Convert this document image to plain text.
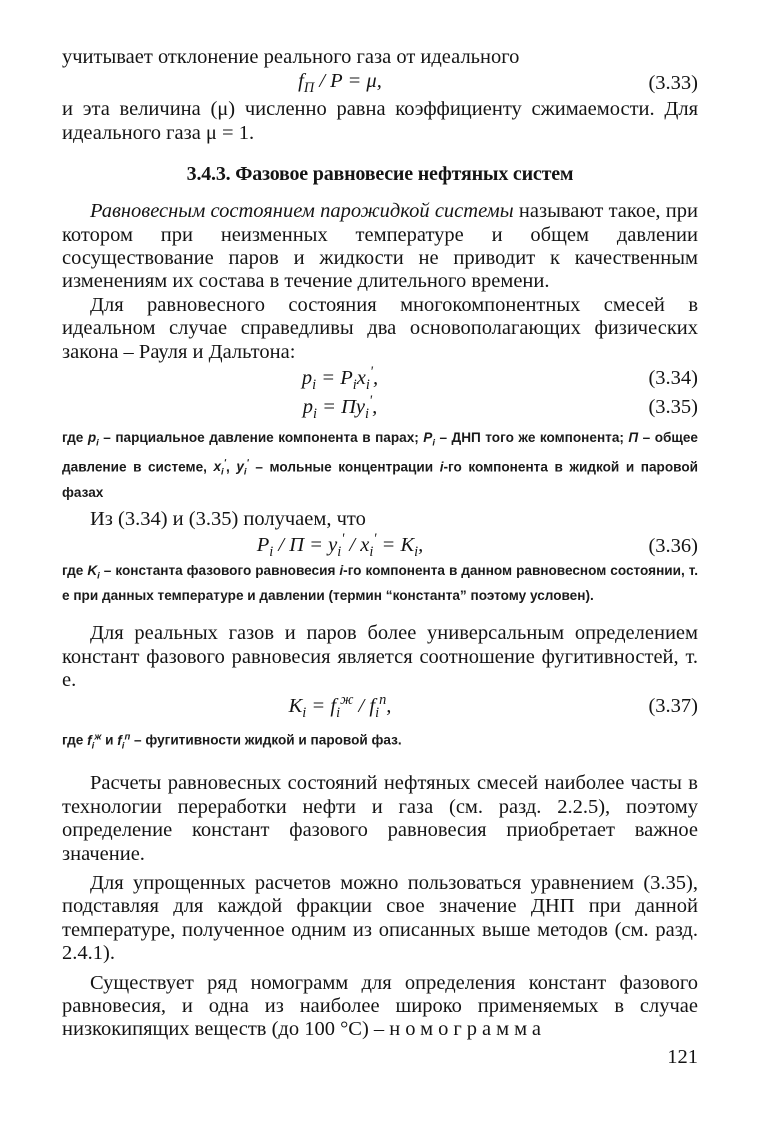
учитывает отклонение реального газа от идеального

$f_П / P = \mu$,	(3.33)

и эта величина (μ) численно равна коэффициенту сжимаемости. Для идеального газа μ = 1.

3.4.3. Фазовое равновесие нефтяных систем

Равновесным состоянием парожидкой системы называют такое, при котором при неизменных температуре и общем давлении сосуществование паров и жидкости не приводит к качественным изменениям их состава в течение длительного времени.

Для равновесного состояния многокомпонентных смесей в идеальном случае справедливы два основополагающих физических закона – Рауля и Дальтона:

$p_i = P_ix_i^ʹ$,	(3.34)
$p_i = Пy_i^ʹ$,	(3.35)

где $p_i$ – парциальное давление компонента в парах; $P_i$ – ДНП того же компонента; П – общее давление в системе, $x_i^ʹ$, $y_i^ʹ$ – мольные концентрации i-го компонента в жидкой и паровой фазах

Из (3.34) и (3.35) получаем, что

$P_i / П = y_i^ʹ / x_i^ʹ = K_i$,	(3.36)

где $K_i$ – константа фазового равновесия i-го компонента в данном равновесном состоянии, т. е при данных температуре и давлении (термин “константа” поэтому условен).

Для реальных газов и паров более универсальным определением констант фазового равновесия является соотношение фугитивностей, т. е.

$K_i = f_i^ж / f_i^п$,	(3.37)

где $f_i^ж$ и $f_i^п$ – фугитивности жидкой и паровой фаз.

Расчеты равновесных состояний нефтяных смесей наиболее часты в технологии переработки нефти и газа (см. разд. 2.2.5), поэтому определение констант фазового равновесия приобретает важное значение.

Для упрощенных расчетов можно пользоваться уравнением (3.35), подставляя для каждой фракции свое значение ДНП при данной температуре, полученное одним из описанных выше методов (см. разд. 2.4.1).

Существует ряд номограмм для определения констант фазового равновесия, и одна из наиболее широко применяемых в случае низкокипящих веществ (до 100 °С) – номограмма

121
